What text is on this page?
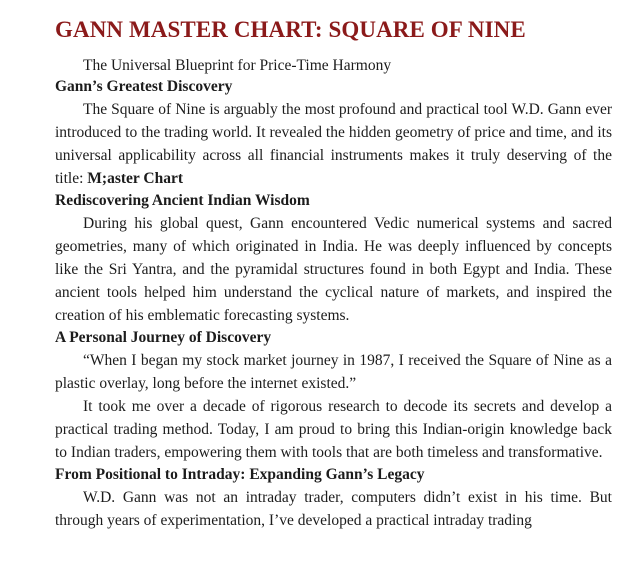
GANN MASTER CHART: SQUARE OF NINE

The Universal Blueprint for Price-Time Harmony

Gann’s Greatest Discovery

The Square of Nine is arguably the most profound and practical tool W.D. Gann ever introduced to the trading world. It revealed the hidden geometry of price and time, and its universal applicability across all financial instruments makes it truly deserving of the title: M;aster Chart

Rediscovering Ancient Indian Wisdom

During his global quest, Gann encountered Vedic numerical systems and sacred geometries, many of which originated in India. He was deeply influenced by concepts like the Sri Yantra, and the pyramidal structures found in both Egypt and India. These ancient tools helped him understand the cyclical nature of markets, and inspired the creation of his emblematic forecasting systems.

A Personal Journey of Discovery

“When I began my stock market journey in 1987, I received the Square of Nine as a plastic overlay, long before the internet existed.”

It took me over a decade of rigorous research to decode its secrets and develop a practical trading method. Today, I am proud to bring this Indian-origin knowledge back to Indian traders, empowering them with tools that are both timeless and transformative.

From Positional to Intraday: Expanding Gann’s Legacy

W.D. Gann was not an intraday trader, computers didn’t exist in his time. But through years of experimentation, I’ve developed a practical intraday trading
